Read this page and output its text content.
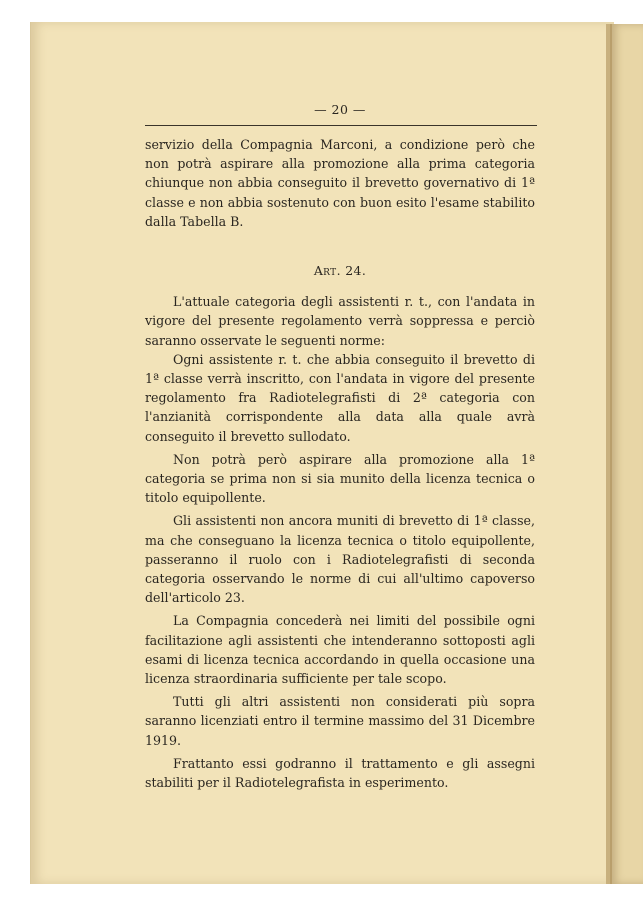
— 20 —

servizio della Compagnia Marconi, a condizione però che non potrà aspirare alla promozione alla prima categoria chiunque non abbia conseguito il brevetto governativo di 1ª classe e non abbia sostenuto con buon esito l'esame stabilito dalla Tabella B.

Art. 24.

L'attuale categoria degli assistenti r. t., con l'andata in vigore del presente regolamento verrà soppressa e perciò saranno osservate le seguenti norme:

Ogni assistente r. t. che abbia conseguito il brevetto di 1ª classe verrà inscritto, con l'andata in vigore del presente regolamento fra Radiotelegrafisti di 2ª categoria con l'anzianità corrispondente alla data alla quale avrà conseguito il brevetto sullodato.

Non potrà però aspirare alla promozione alla 1ª categoria se prima non si sia munito della licenza tecnica o titolo equipollente.

Gli assistenti non ancora muniti di brevetto di 1ª classe, ma che conseguano la licenza tecnica o titolo equipollente, passeranno il ruolo con i Radiotelegrafisti di seconda categoria osservando le norme di cui all'ultimo capoverso dell'articolo 23.

La Compagnia concederà nei limiti del possibile ogni facilitazione agli assistenti che intenderanno sottoposti agli esami di licenza tecnica accordando in quella occasione una licenza straordinaria sufficiente per tale scopo.

Tutti gli altri assistenti non considerati più sopra saranno licenziati entro il termine massimo del 31 Dicembre 1919.

Frattanto essi godranno il trattamento e gli assegni stabiliti per il Radiotelegrafista in esperimento.
